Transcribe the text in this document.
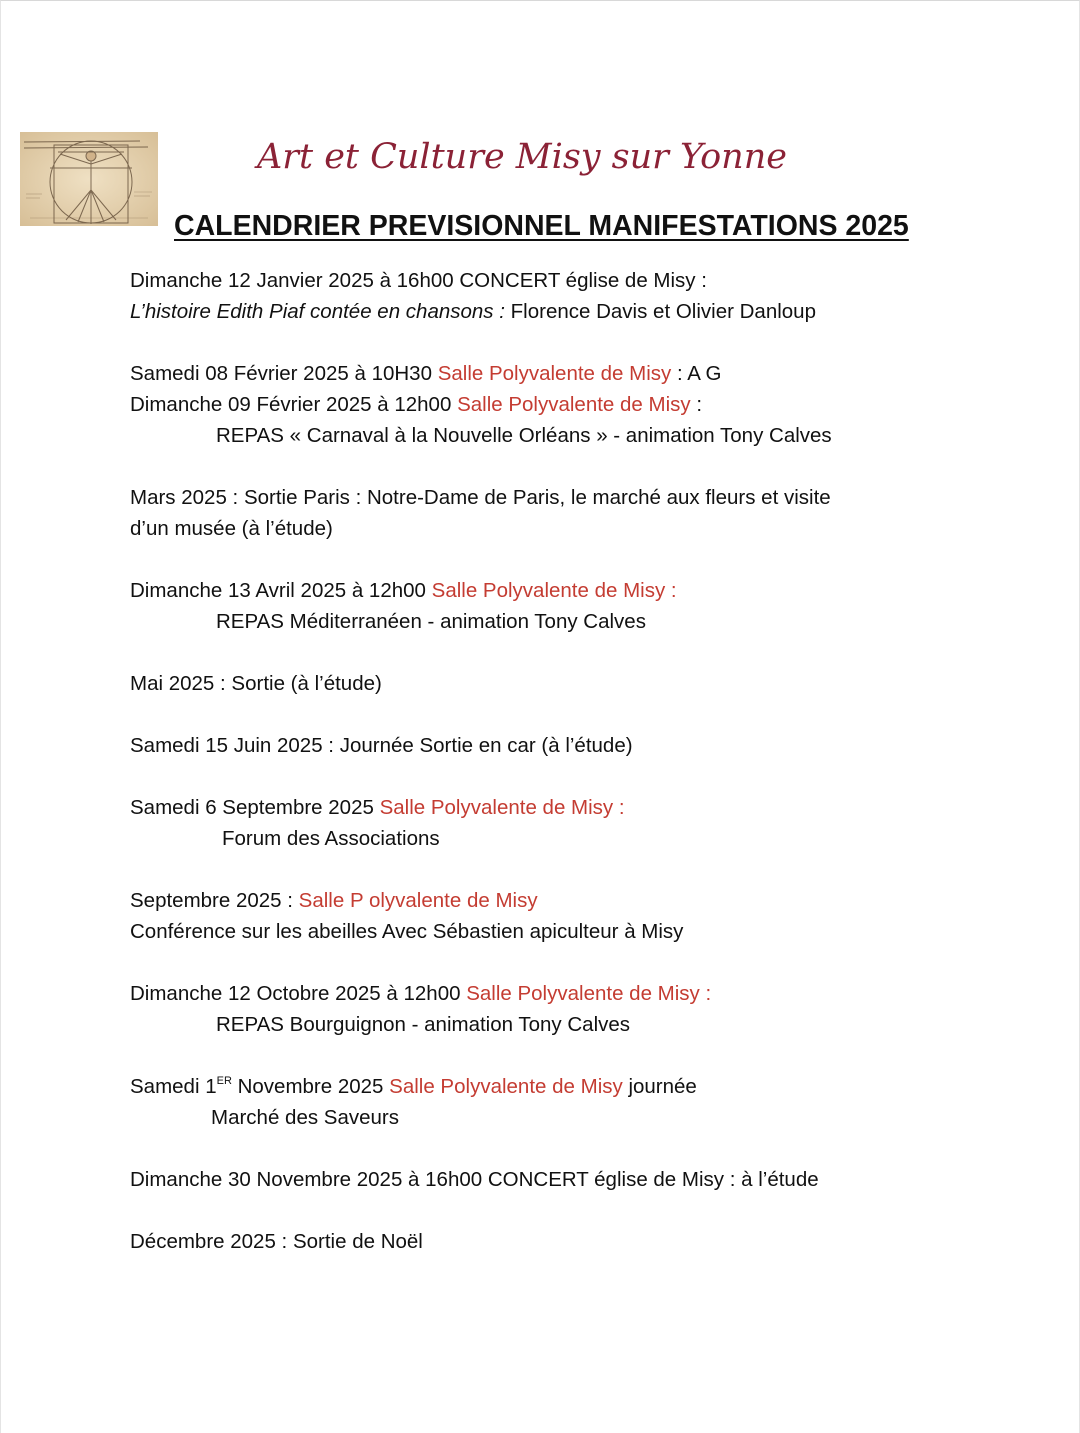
Art et Culture Misy sur Yonne
CALENDRIER PREVISIONNEL MANIFESTATIONS 2025
Dimanche 12 Janvier 2025 à 16h00 CONCERT église de Misy :
L’histoire Edith Piaf contée en chansons : Florence Davis et Olivier Danloup
Samedi 08 Février 2025 à 10H30 Salle Polyvalente de Misy : A G
Dimanche 09 Février 2025 à 12h00 Salle Polyvalente de Misy :
REPAS « Carnaval à la Nouvelle Orléans » - animation Tony Calves
Mars 2025 : Sortie Paris : Notre-Dame de Paris, le marché aux fleurs et visite
d’un musée (à l’étude)
Dimanche 13 Avril 2025 à 12h00 Salle Polyvalente de Misy :
REPAS Méditerranéen - animation Tony Calves
Mai 2025 : Sortie (à l’étude)
Samedi 15 Juin 2025 : Journée Sortie en car (à l’étude)
Samedi 6 Septembre 2025 Salle Polyvalente de Misy :
Forum des Associations
Septembre 2025 : Salle P olyvalente de Misy
Conférence sur les abeilles Avec Sébastien apiculteur à Misy
Dimanche 12 Octobre 2025 à 12h00 Salle Polyvalente de Misy :
REPAS Bourguignon - animation Tony Calves
Samedi 1ER Novembre 2025 Salle Polyvalente de Misy journée
Marché des Saveurs
Dimanche 30 Novembre 2025 à 16h00 CONCERT église de Misy : à l’étude
Décembre 2025 : Sortie de Noël
